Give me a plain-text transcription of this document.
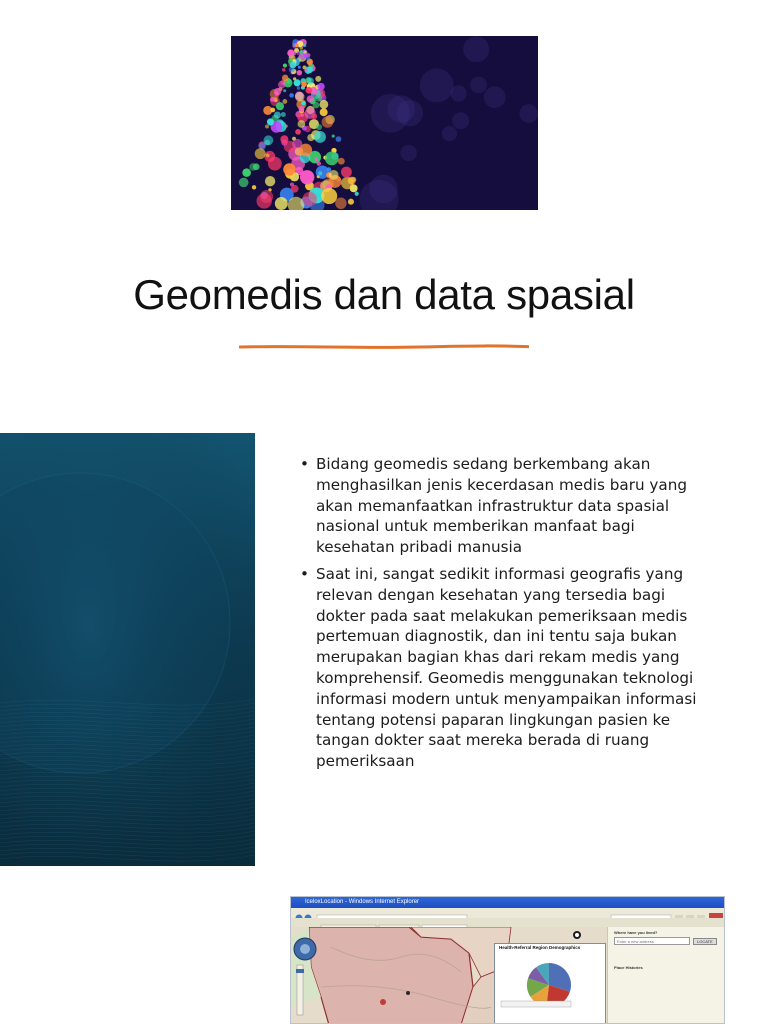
Geomedis dan data spasial
• Bidang geomedis sedang berkembang akan menghasilkan jenis kecerdasan medis baru yang akan memanfaatkan infrastruktur data spasial nasional untuk memberikan manfaat bagi kesehatan pribadi manusia
• Saat ini, sangat sedikit informasi geografis yang relevan dengan kesehatan yang tersedia bagi dokter pada saat melakukan pemeriksaan medis pertemuan diagnostik, dan ini tentu saja bukan merupakan bagian khas dari rekam medis yang komprehensif. Geomedis menggunakan teknologi informasi modern untuk menyampaikan informasi tentang potensi paparan lingkungan pasien ke tangan dokter saat mereka berada di ruang pemeriksaan
IceloxLocation - Windows Internet Explorer
Health-Referral Region Demographics
Where have you lived?
Enter a new address
LOCATE
Place Histories
